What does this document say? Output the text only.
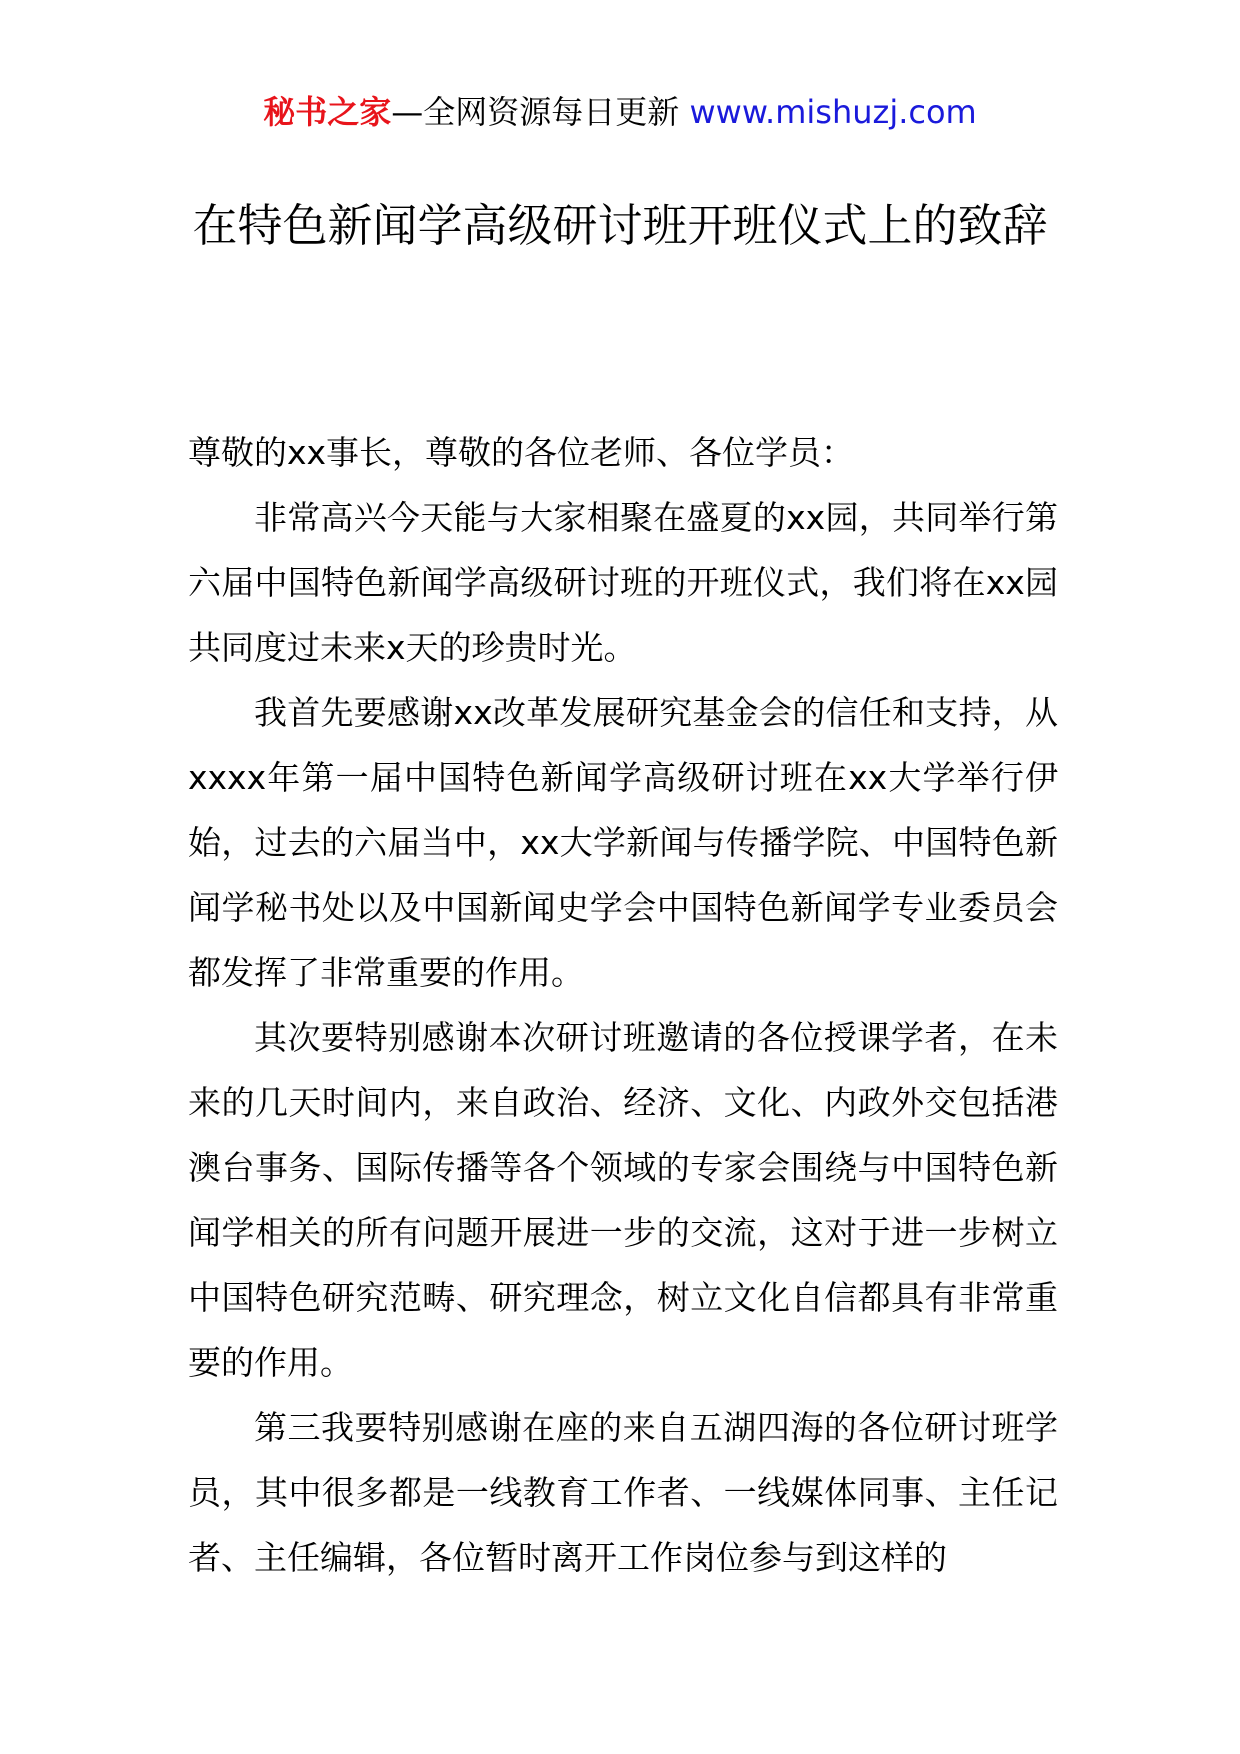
秘书之家—全网资源每日更新 www.mishuzj.com
在特色新闻学高级研讨班开班仪式上的致辞

尊敬的xx事长，尊敬的各位老师、各位学员：

非常高兴今天能与大家相聚在盛夏的xx园，共同举行第六届中国特色新闻学高级研讨班的开班仪式，我们将在xx园共同度过未来x天的珍贵时光。

我首先要感谢xx改革发展研究基金会的信任和支持，从xxxx年第一届中国特色新闻学高级研讨班在xx大学举行伊始，过去的六届当中，xx大学新闻与传播学院、中国特色新闻学秘书处以及中国新闻史学会中国特色新闻学专业委员会都发挥了非常重要的作用。

其次要特别感谢本次研讨班邀请的各位授课学者，在未来的几天时间内，来自政治、经济、文化、内政外交包括港澳台事务、国际传播等各个领域的专家会围绕与中国特色新闻学相关的所有问题开展进一步的交流，这对于进一步树立中国特色研究范畴、研究理念，树立文化自信都具有非常重要的作用。

第三我要特别感谢在座的来自五湖四海的各位研讨班学员，其中很多都是一线教育工作者、一线媒体同事、主任记者、主任编辑，各位暂时离开工作岗位参与到这样的
